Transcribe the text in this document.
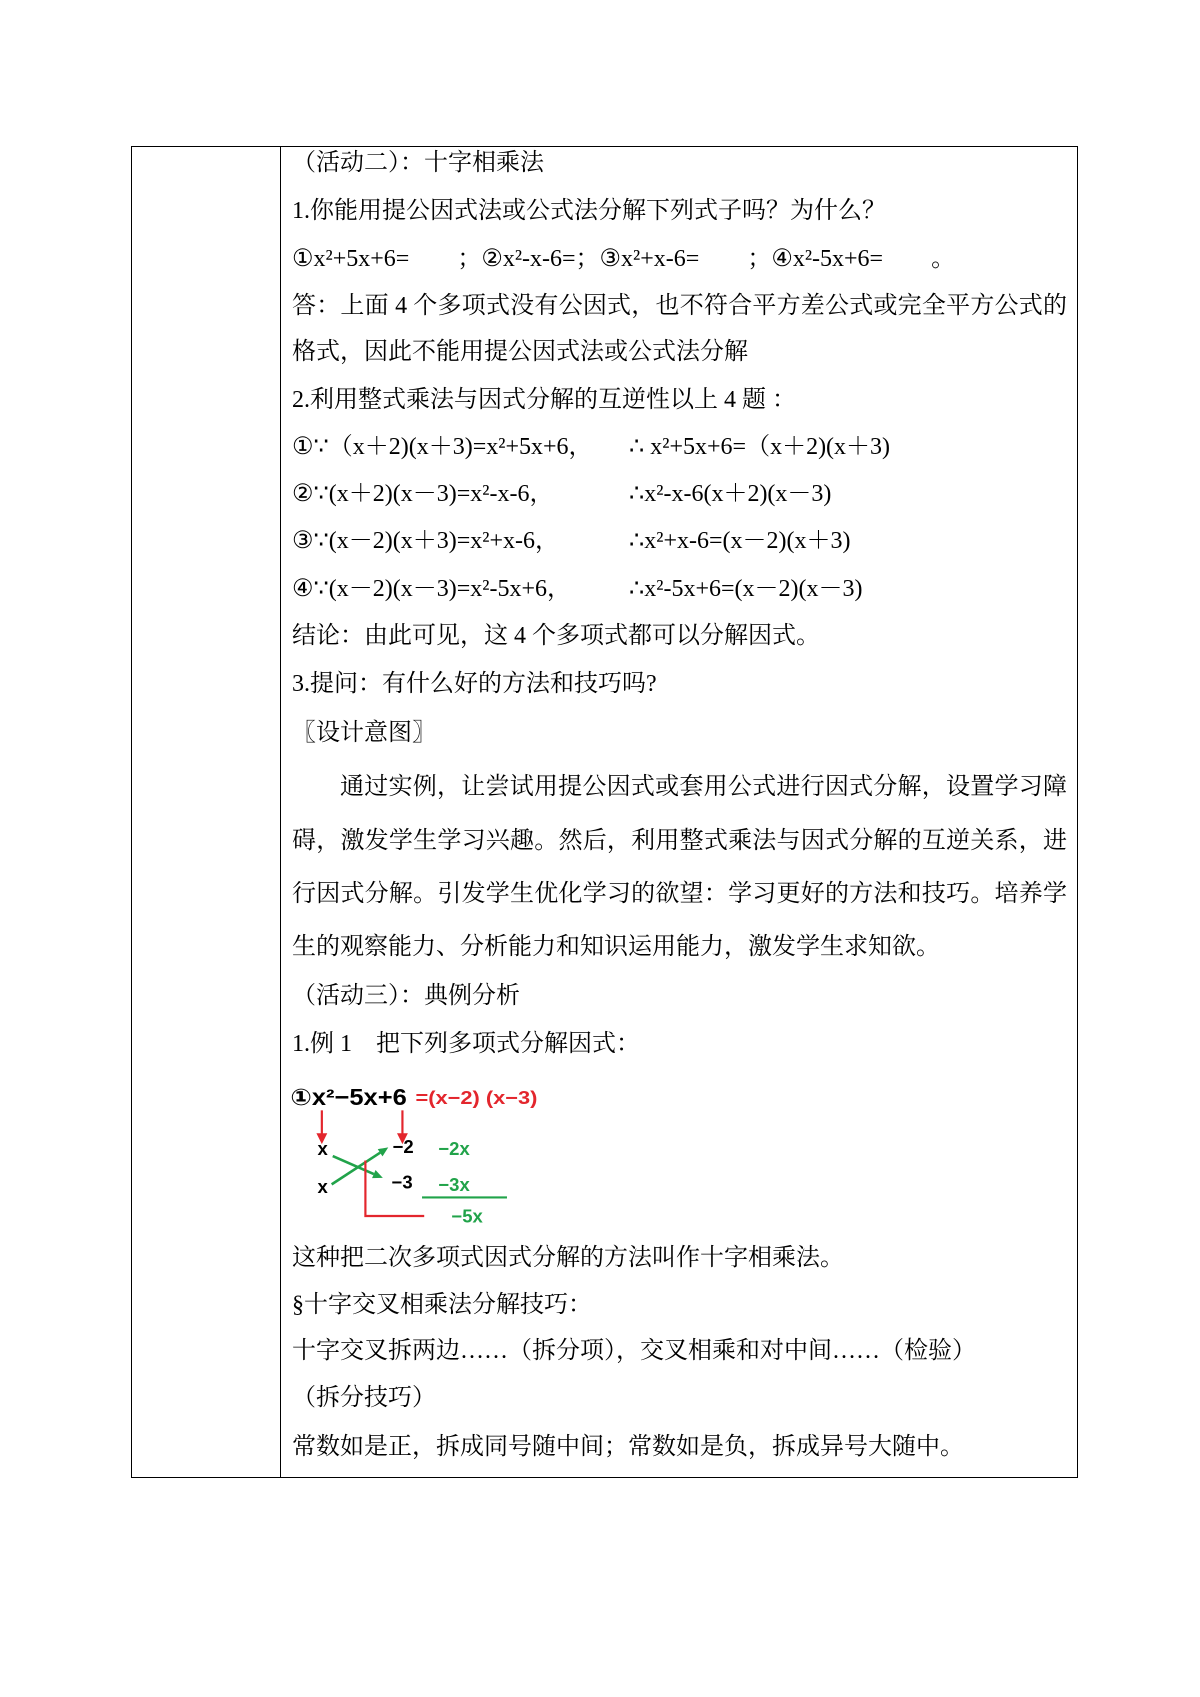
（活动二）：十字相乘法
1.你能用提公因式法或公式法分解下列式子吗？为什么？
①x²+5x+6=　　；②x²-x-6=；③x²+x-6=　　；④x²-5x+6=　　。
答：上面 4 个多项式没有公因式，也不符合平方差公式或完全平方公式的
格式，因此不能用提公因式法或公式法分解
2.利用整式乘法与因式分解的互逆性以上 4 题 ：
①∵（x＋2)(x＋3)=x²+5x+6， ∴ x²+5x+6=（x＋2)(x＋3)
②∵(x＋2)(x－3)=x²-x-6，	∴x²-x-6(x＋2)(x－3)
③∵(x－2)(x＋3)=x²+x-6，	∴x²+x-6=(x－2)(x＋3)
④∵(x－2)(x－3)=x²-5x+6， ∴x²-5x+6=(x－2)(x－3)
结论：由此可见，这 4 个多项式都可以分解因式。
3.提问：有什么好的方法和技巧吗?
〖设计意图〗
通过实例，让尝试用提公因式或套用公式进行因式分解，设置学习障
碍，激发学生学习兴趣。然后，利用整式乘法与因式分解的互逆关系，进
行因式分解。引发学生优化学习的欲望：学习更好的方法和技巧。培养学
生的观察能力、分析能力和知识运用能力，激发学生求知欲。
（活动三）：典例分析
1.例 1　把下列多项式分解因式：
①x²−5x+6 =(x−2) (x−3)
x
x
−2
−3
−2x
−3x
−5x
这种把二次多项式因式分解的方法叫作十字相乘法。
§十字交叉相乘法分解技巧：
十字交叉拆两边……（拆分项），交叉相乘和对中间……（检验）
（拆分技巧）
常数如是正，拆成同号随中间；常数如是负，拆成异号大随中。
